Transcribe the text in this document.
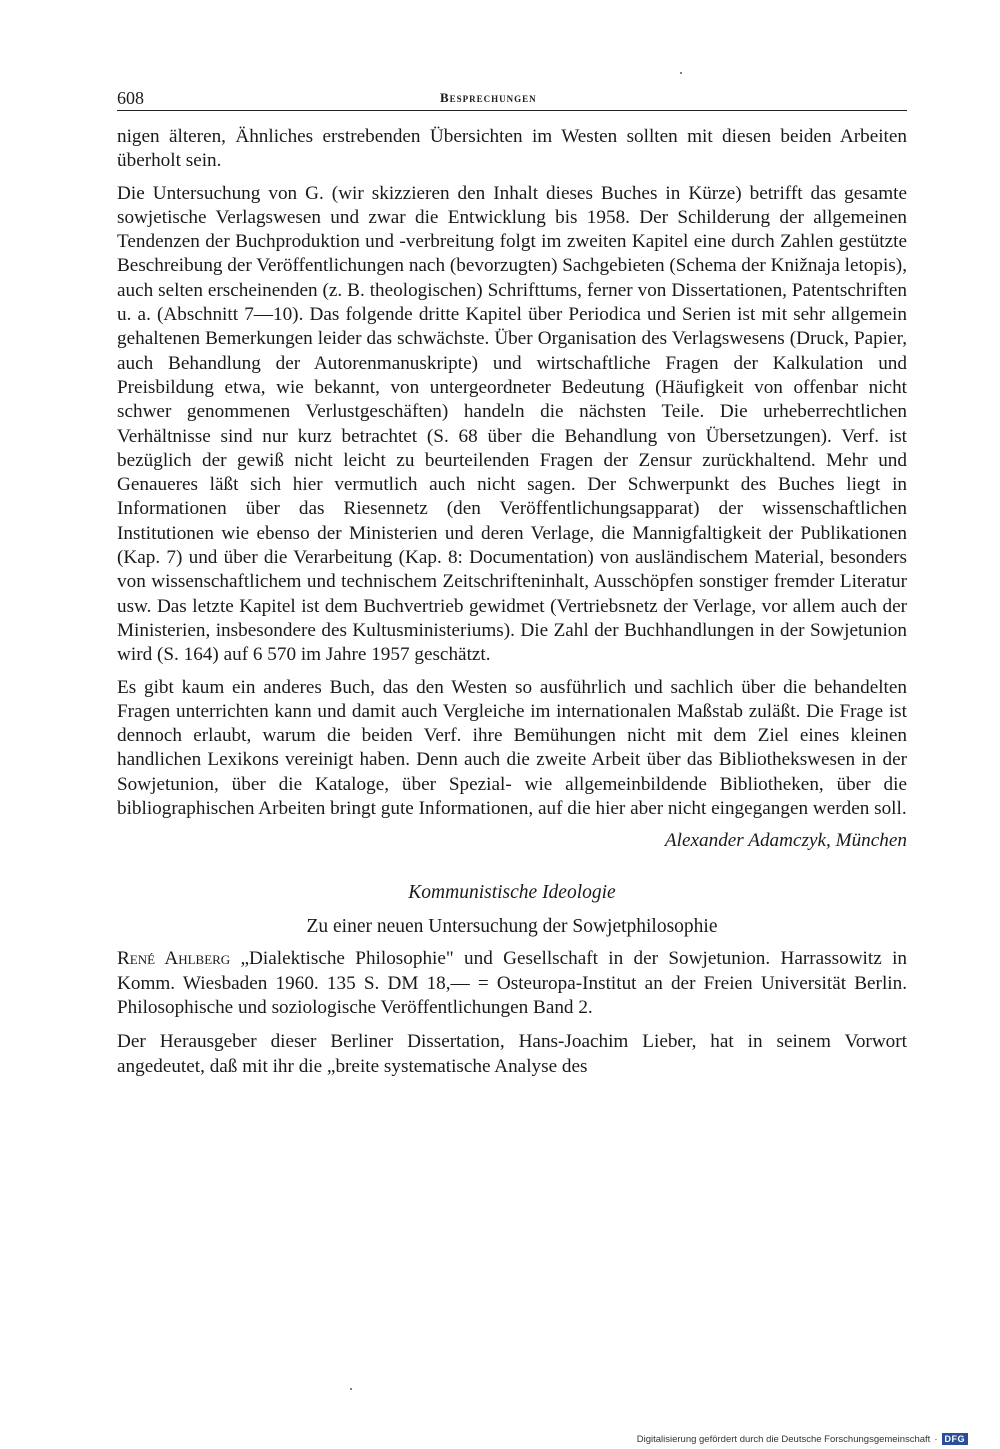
608	Besprechungen

nigen älteren, Ähnliches erstrebenden Übersichten im Westen sollten mit diesen beiden Arbeiten überholt sein.

Die Untersuchung von G. (wir skizzieren den Inhalt dieses Buches in Kürze) betrifft das gesamte sowjetische Verlagswesen und zwar die Entwicklung bis 1958. Der Schilderung der allgemeinen Tendenzen der Buchproduktion und -verbreitung folgt im zweiten Kapitel eine durch Zahlen gestützte Beschreibung der Veröffentlichungen nach (bevorzugten) Sachgebieten (Schema der Knižnaja letopis), auch selten erscheinenden (z. B. theologischen) Schrifttums, ferner von Dissertationen, Patentschriften u. a. (Abschnitt 7—10). Das folgende dritte Kapitel über Periodica und Serien ist mit sehr allgemein gehaltenen Bemerkungen leider das schwächste. Über Organisation des Verlagswesens (Druck, Papier, auch Behandlung der Autorenmanuskripte) und wirtschaftliche Fragen der Kalkulation und Preisbildung etwa, wie bekannt, von untergeordneter Bedeutung (Häufigkeit von offenbar nicht schwer genommenen Verlustgeschäften) handeln die nächsten Teile. Die urheberrechtlichen Verhältnisse sind nur kurz betrachtet (S. 68 über die Behandlung von Übersetzungen). Verf. ist bezüglich der gewiß nicht leicht zu beurteilenden Fragen der Zensur zurückhaltend. Mehr und Genaueres läßt sich hier vermutlich auch nicht sagen. Der Schwerpunkt des Buches liegt in Informationen über das Riesennetz (den Veröffentlichungsapparat) der wissenschaftlichen Institutionen wie ebenso der Ministerien und deren Verlage, die Mannigfaltigkeit der Publikationen (Kap. 7) und über die Verarbeitung (Kap. 8: Documentation) von ausländischem Material, besonders von wissenschaftlichem und technischem Zeitschrifteninhalt, Ausschöpfen sonstiger fremder Literatur usw. Das letzte Kapitel ist dem Buchvertrieb gewidmet (Vertriebsnetz der Verlage, vor allem auch der Ministerien, insbesondere des Kultusministeriums). Die Zahl der Buchhandlungen in der Sowjetunion wird (S. 164) auf 6 570 im Jahre 1957 geschätzt.

Es gibt kaum ein anderes Buch, das den Westen so ausführlich und sachlich über die behandelten Fragen unterrichten kann und damit auch Vergleiche im internationalen Maßstab zuläßt. Die Frage ist dennoch erlaubt, warum die beiden Verf. ihre Bemühungen nicht mit dem Ziel eines kleinen handlichen Lexikons vereinigt haben. Denn auch die zweite Arbeit über das Bibliothekswesen in der Sowjetunion, über die Kataloge, über Spezial- wie allgemeinbildende Bibliotheken, über die bibliographischen Arbeiten bringt gute Informationen, auf die hier aber nicht eingegangen werden soll.

Alexander Adamczyk, München
Kommunistische Ideologie
Zu einer neuen Untersuchung der Sowjetphilosophie
René Ahlberg „Dialektische Philosophie" und Gesellschaft in der Sowjetunion. Harrassowitz in Komm. Wiesbaden 1960. 135 S. DM 18,— = Osteuropa-Institut an der Freien Universität Berlin. Philosophische und soziologische Veröffentlichungen Band 2.
Der Herausgeber dieser Berliner Dissertation, Hans-Joachim Lieber, hat in seinem Vorwort angedeutet, daß mit ihr die „breite systematische Analyse des
Digitalisierung gefördert durch die Deutsche Forschungsgemeinschaft · DFG
